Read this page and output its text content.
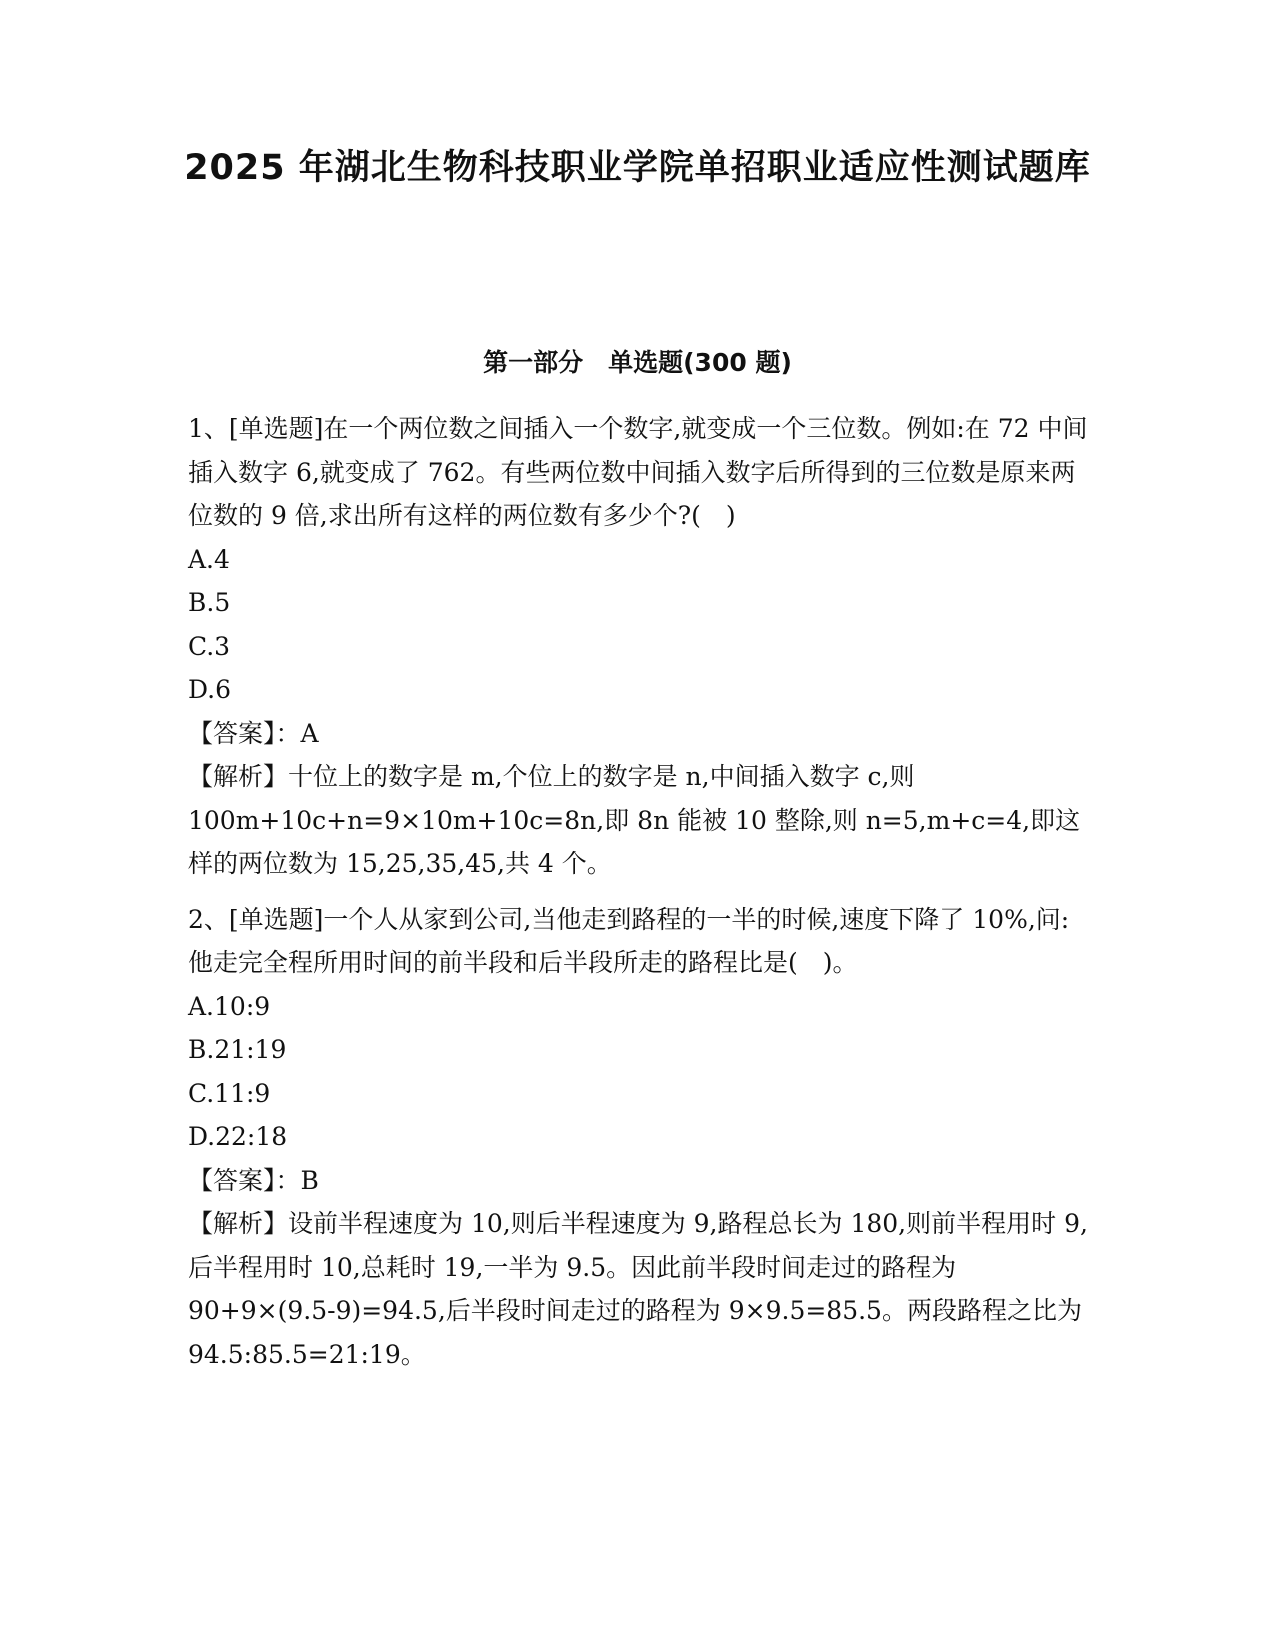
2025 年湖北生物科技职业学院单招职业适应性测试题库
第一部分　单选题(300 题)

1、[单选题]在一个两位数之间插入一个数字,就变成一个三位数。例如:在 72 中间插入数字 6,就变成了 762。有些两位数中间插入数字后所得到的三位数是原来两位数的 9 倍,求出所有这样的两位数有多少个?(　)

A.4
B.5
C.3
D.6

【答案】：A

【解析】十位上的数字是 m,个位上的数字是 n,中间插入数字 c,则 100m+10c+n=9×10m+10c=8n,即 8n 能被 10 整除,则 n=5,m+c=4,即这样的两位数为 15,25,35,45,共 4 个。

2、[单选题]一个人从家到公司,当他走到路程的一半的时候,速度下降了 10%,问:他走完全程所用时间的前半段和后半段所走的路程比是(　)。

A.10:9
B.21:19
C.11:9
D.22:18

【答案】：B

【解析】设前半程速度为 10,则后半程速度为 9,路程总长为 180,则前半程用时 9,后半程用时 10,总耗时 19,一半为 9.5。因此前半段时间走过的路程为 90+9×(9.5-9)=94.5,后半段时间走过的路程为 9×9.5=85.5。两段路程之比为 94.5:85.5=21:19。
